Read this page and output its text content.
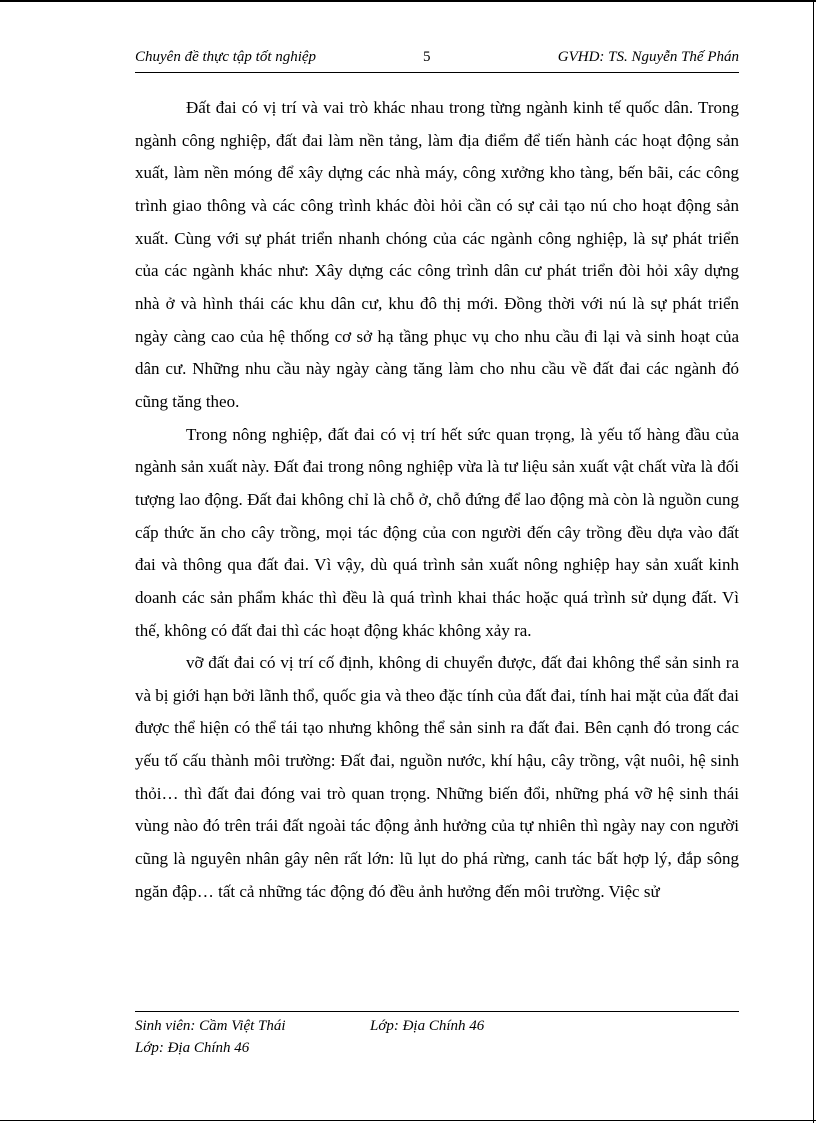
Chuyên đề thực tập tốt nghiệp	5	GVHD: TS. Nguyễn Thế Phán

Đất đai có vị trí và vai trò khác nhau trong từng ngành kinh tế quốc dân. Trong ngành công nghiệp, đất đai làm nền tảng, làm địa điểm để tiến hành các hoạt động sản xuất, làm nền móng để xây dựng các nhà máy, công xưởng kho tàng, bến bãi, các công trình giao thông và các công trình khác đòi hỏi cần có sự cải tạo nú cho hoạt động sản xuất. Cùng với sự phát triển nhanh chóng của các ngành công nghiệp, là sự phát triển của các ngành khác như: Xây dựng các công trình dân cư phát triển đòi hỏi xây dựng nhà ở và hình thái các khu dân cư, khu đô thị mới. Đồng thời với nú là sự phát triển ngày càng cao của hệ thống cơ sở hạ tầng phục vụ cho nhu cầu đi lại và sinh hoạt của dân cư. Những nhu cầu này ngày càng tăng làm cho nhu cầu về đất đai các ngành đó cũng tăng theo.

Trong nông nghiệp, đất đai có vị trí hết sức quan trọng, là yếu tố hàng đầu của ngành sản xuất này. Đất đai trong nông nghiệp vừa là tư liệu sản xuất vật chất vừa là đối tượng lao động. Đất đai không chỉ là chỗ ở, chỗ đứng để lao động mà còn là nguồn cung cấp thức ăn cho cây trồng, mọi tác động của con người đến cây trồng đều dựa vào đất đai và thông qua đất đai. Vì vậy, dù quá trình sản xuất nông nghiệp hay sản xuất kinh doanh các sản phẩm khác thì đều là quá trình khai thác hoặc quá trình sử dụng đất. Vì thế, không có đất đai thì các hoạt động khác không xảy ra.

vỡ đất đai có vị trí cố định, không di chuyển được, đất đai không thể sản sinh ra và bị giới hạn bởi lãnh thổ, quốc gia và theo đặc tính của đất đai, tính hai mặt của đất đai được thể hiện có thể tái tạo nhưng không thể sản sinh ra đất đai. Bên cạnh đó trong các yếu tố cấu thành môi trường: Đất đai, nguồn nước, khí hậu, cây trồng, vật nuôi, hệ sinh thỏi… thì đất đai đóng vai trò quan trọng. Những biến đổi, những phá vỡ hệ sinh thái vùng nào đó trên trái đất ngoài tác động ảnh hưởng của tự nhiên thì ngày nay con người cũng là nguyên nhân gây nên rất lớn: lũ lụt do phá rừng, canh tác bất hợp lý, đắp sông ngăn đập… tất cả những tác động đó đều ảnh hưởng đến môi trường. Việc sử

Sinh viên: Cầm Việt Thái	Lớp: Địa Chính 46
Lớp: Địa Chính 46
